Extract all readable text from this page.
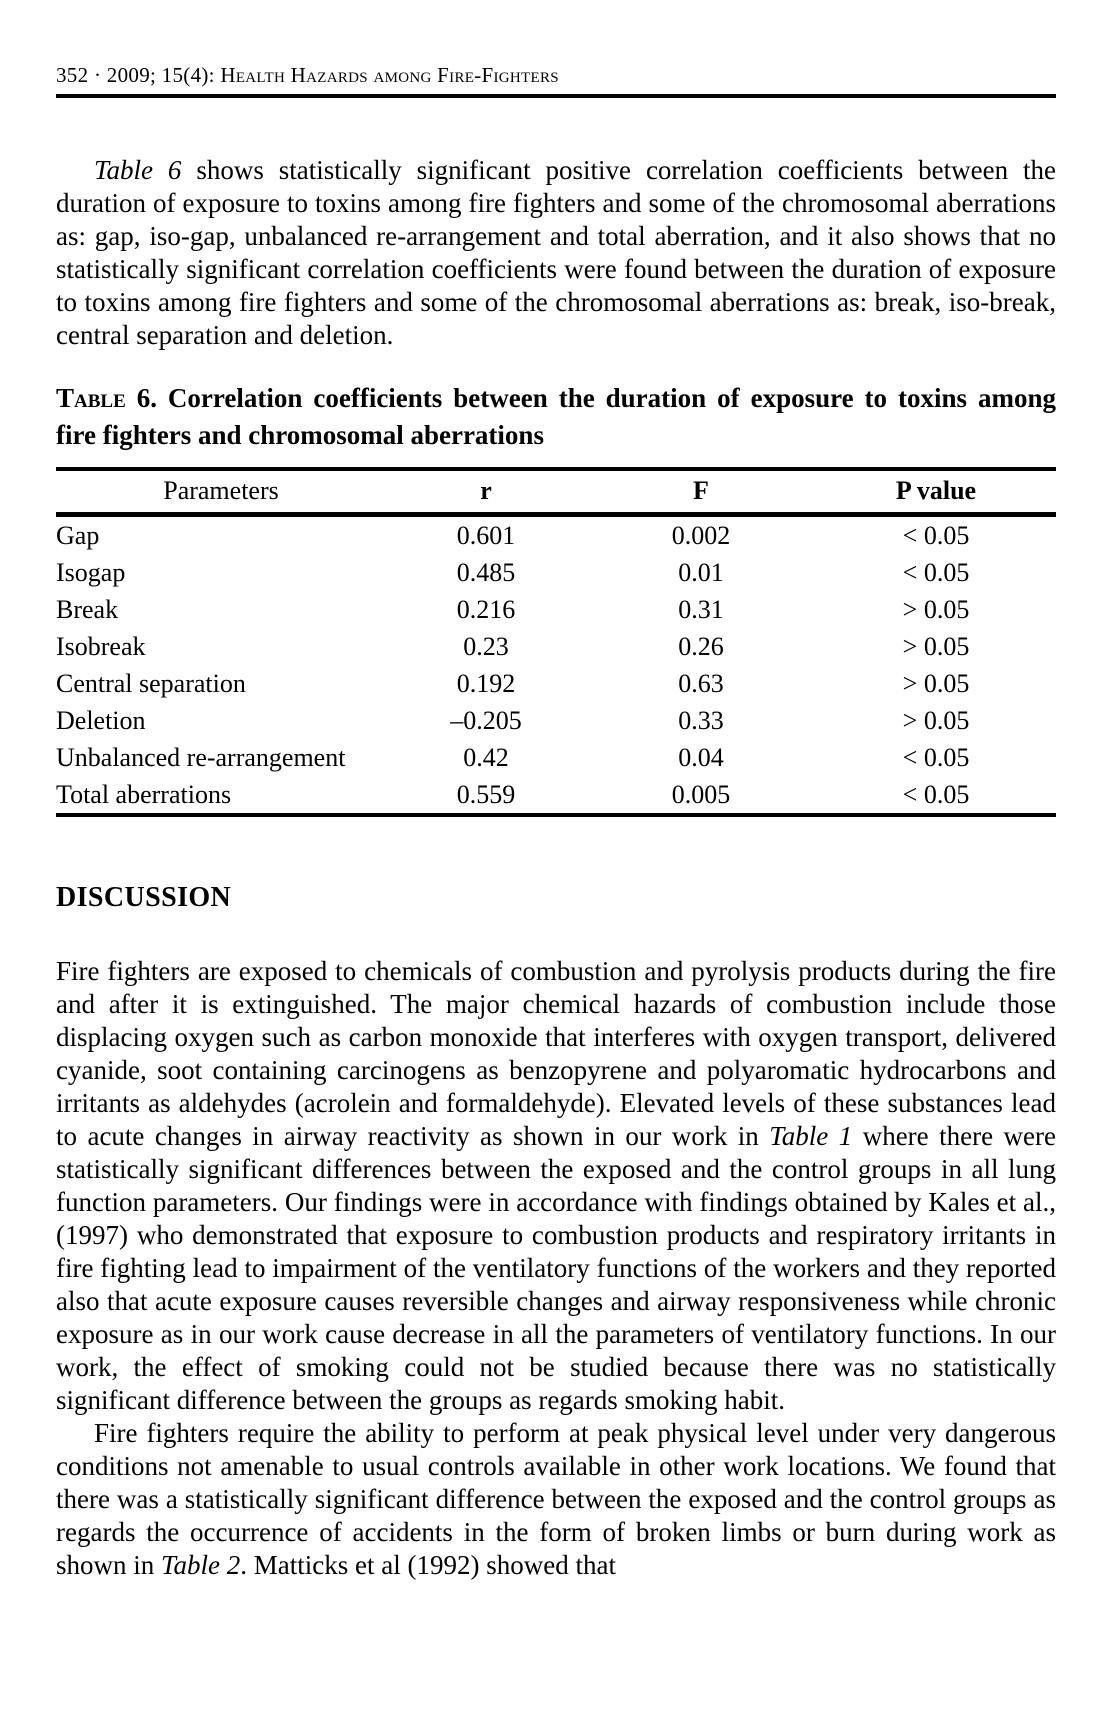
352 · 2009; 15(4): Health Hazards among Fire-Fighters

Table 6 shows statistically significant positive correlation coefficients between the duration of exposure to toxins among fire fighters and some of the chromosomal aberrations as: gap, iso-gap, unbalanced re-arrangement and total aberration, and it also shows that no statistically significant correlation coefficients were found between the duration of exposure to toxins among fire fighters and some of the chromosomal aberrations as: break, iso-break, central separation and deletion.

Table 6. Correlation coefficients between the duration of exposure to toxins among fire fighters and chromosomal aberrations

Parameters	r	F	P value
Gap	0.601	0.002	< 0.05
Isogap	0.485	0.01	< 0.05
Break	0.216	0.31	> 0.05
Isobreak	0.23	0.26	> 0.05
Central separation	0.192	0.63	> 0.05
Deletion	–0.205	0.33	> 0.05
Unbalanced re-arrangement	0.42	0.04	< 0.05
Total aberrations	0.559	0.005	< 0.05
DISCUSSION

Fire fighters are exposed to chemicals of combustion and pyrolysis products during the fire and after it is extinguished. The major chemical hazards of combustion include those displacing oxygen such as carbon monoxide that interferes with oxygen transport, delivered cyanide, soot containing carcinogens as benzopyrene and polyaromatic hydrocarbons and irritants as aldehydes (acrolein and formaldehyde). Elevated levels of these substances lead to acute changes in airway reactivity as shown in our work in Table 1 where there were statistically significant differences between the exposed and the control groups in all lung function parameters. Our findings were in accordance with findings obtained by Kales et al., (1997) who demonstrated that exposure to combustion products and respiratory irritants in fire fighting lead to impairment of the ventilatory functions of the workers and they reported also that acute exposure causes reversible changes and airway responsiveness while chronic exposure as in our work cause decrease in all the parameters of ventilatory functions. In our work, the effect of smoking could not be studied because there was no statistically significant difference between the groups as regards smoking habit.

Fire fighters require the ability to perform at peak physical level under very dangerous conditions not amenable to usual controls available in other work locations. We found that there was a statistically significant difference between the exposed and the control groups as regards the occurrence of accidents in the form of broken limbs or burn during work as shown in Table 2. Matticks et al (1992) showed that
